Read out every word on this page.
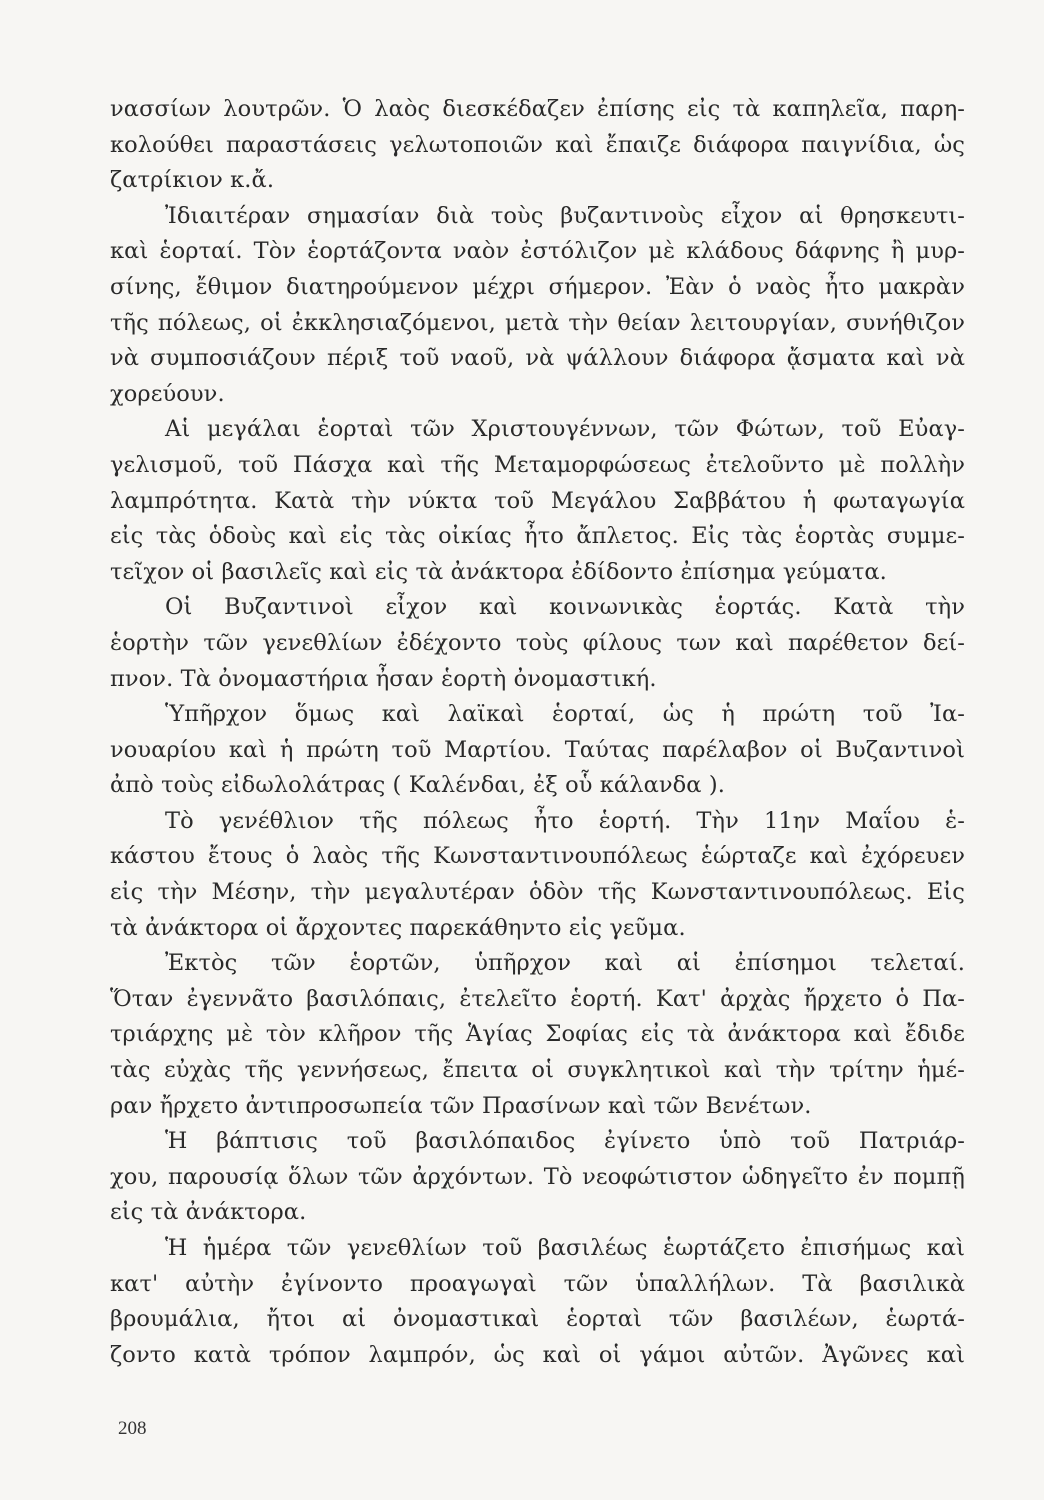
νασσίων λουτρῶν. Ὁ λαὸς διεσκέδαζεν ἐπίσης εἰς τὰ καπηλεῖα, παρη-
κολούθει παραστάσεις γελωτοποιῶν καὶ ἔπαιζε διάφορα παιγνίδια, ὡς
ζατρίκιον κ.ἄ.
Ἰδιαιτέραν σημασίαν διὰ τοὺς βυζαντινοὺς εἶχον αἱ θρησκευτι-
καὶ ἑορταί. Τὸν ἑορτάζοντα ναὸν ἐστόλιζον μὲ κλάδους δάφνης ἢ μυρ-
σίνης, ἔθιμον διατηρούμενον μέχρι σήμερον. Ἐὰν ὁ ναὸς ἦτο μακρὰν
τῆς πόλεως, οἱ ἐκκλησιαζόμενοι, μετὰ τὴν θείαν λειτουργίαν, συνήθιζον
νὰ συμποσιάζουν πέριξ τοῦ ναοῦ, νὰ ψάλλουν διάφορα ᾄσματα καὶ νὰ
χορεύουν.
Αἱ μεγάλαι ἑορταὶ τῶν Χριστουγέννων, τῶν Φώτων, τοῦ Εὐαγ-
γελισμοῦ, τοῦ Πάσχα καὶ τῆς Μεταμορφώσεως ἐτελοῦντο μὲ πολλὴν
λαμπρότητα. Κατὰ τὴν νύκτα τοῦ Μεγάλου Σαββάτου ἡ φωταγωγία
εἰς τὰς ὁδοὺς καὶ εἰς τὰς οἰκίας ἦτο ἄπλετος. Εἰς τὰς ἑορτὰς συμμε-
τεῖχον οἱ βασιλεῖς καὶ εἰς τὰ ἀνάκτορα ἐδίδοντο ἐπίσημα γεύματα.
Οἱ Βυζαντινοὶ εἶχον καὶ κοινωνικὰς ἑορτάς. Κατὰ τὴν
ἑορτὴν τῶν γενεθλίων ἐδέχοντο τοὺς φίλους των καὶ παρέθετον δεί-
πνον. Τὰ ὀνομαστήρια ἦσαν ἑορτὴ ὀνομαστική.
Ὑπῆρχον ὅμως καὶ λαϊκαὶ ἑορταί, ὡς ἡ πρώτη τοῦ Ἰα-
νουαρίου καὶ ἡ πρώτη τοῦ Μαρτίου. Ταύτας παρέλαβον οἱ Βυζαντινοὶ
ἀπὸ τοὺς εἰδωλολάτρας ( Καλένδαι, ἐξ οὗ κάλανδα ).
Τὸ γενέθλιον τῆς πόλεως ἦτο ἑορτή. Τὴν 11ην Μαΐου ἑ-
κάστου ἔτους ὁ λαὸς τῆς Κωνσταντινουπόλεως ἑώρταζε καὶ ἐχόρευεν
εἰς τὴν Μέσην, τὴν μεγαλυτέραν ὁδὸν τῆς Κωνσταντινουπόλεως. Εἰς
τὰ ἀνάκτορα οἱ ἄρχοντες παρεκάθηντο εἰς γεῦμα.
Ἐκτὸς τῶν ἑορτῶν, ὑπῆρχον καὶ αἱ ἐπίσημοι τελεταί.
Ὅταν ἐγεννᾶτο βασιλόπαις, ἐτελεῖτο ἑορτή. Κατ' ἀρχὰς ἤρχετο ὁ Πα-
τριάρχης μὲ τὸν κλῆρον τῆς Ἁγίας Σοφίας εἰς τὰ ἀνάκτορα καὶ ἔδιδε
τὰς εὐχὰς τῆς γεννήσεως, ἔπειτα οἱ συγκλητικοὶ καὶ τὴν τρίτην ἡμέ-
ραν ἤρχετο ἀντιπροσωπεία τῶν Πρασίνων καὶ τῶν Βενέτων.
Ἡ βάπτισις τοῦ βασιλόπαιδος ἐγίνετο ὑπὸ τοῦ Πατριάρ-
χου, παρουσίᾳ ὅλων τῶν ἀρχόντων. Τὸ νεοφώτιστον ὡδηγεῖτο ἐν πομπῇ
εἰς τὰ ἀνάκτορα.
Ἡ ἡμέρα τῶν γενεθλίων τοῦ βασιλέως ἑωρτάζετο ἐπισήμως καὶ
κατ' αὐτὴν ἐγίνοντο προαγωγαὶ τῶν ὑπαλλήλων. Τὰ βασιλικὰ
βρουμάλια, ἤτοι αἱ ὀνομαστικαὶ ἑορταὶ τῶν βασιλέων, ἑωρτά-
ζοντο κατὰ τρόπον λαμπρόν, ὡς καὶ οἱ γάμοι αὐτῶν. Ἀγῶνες καὶ
208
